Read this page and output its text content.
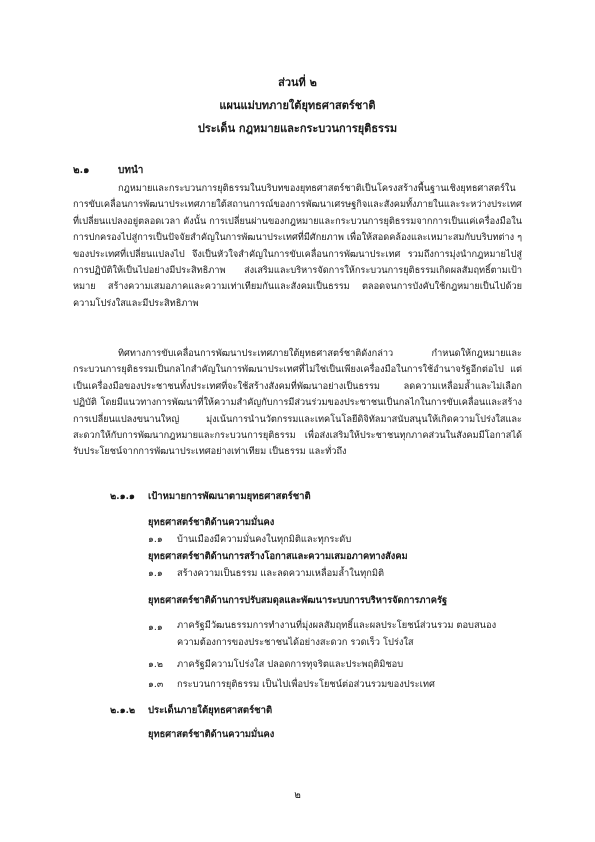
ส่วนที่ ๒
แผนแม่บทภายใต้ยุทธศาสตร์ชาติ
ประเด็น กฎหมายและกระบวนการยุติธรรม
๒.๑	บทนำ
กฎหมายและกระบวนการยุติธรรมในบริบทของยุทธศาสตร์ชาติเป็นโครงสร้างพื้นฐานเชิงยุทธศาสตร์ในการขับเคลื่อนการพัฒนาประเทศภายใต้สถานการณ์ของการพัฒนาเศรษฐกิจและสังคมทั้งภายในและระหว่างประเทศที่เปลี่ยนแปลงอยู่ตลอดเวลา ดังนั้น การเปลี่ยนผ่านของกฎหมายและกระบวนการยุติธรรมจากการเป็นแค่เครื่องมือในการปกครองไปสู่การเป็นปัจจัยสำคัญในการพัฒนาประเทศที่มีศักยภาพ เพื่อให้สอดคล้องและเหมาะสมกับบริบทต่าง ๆ ของประเทศที่เปลี่ยนแปลงไป จึงเป็นหัวใจสำคัญในการขับเคลื่อนการพัฒนาประเทศ รวมถึงการมุ่งนำกฎหมายไปสู่การปฏิบัติให้เป็นไปอย่างมีประสิทธิภาพ ส่งเสริมและบริหารจัดการให้กระบวนการยุติธรรมเกิดผลสัมฤทธิ์ตามเป้าหมาย สร้างความเสมอภาคและความเท่าเทียมกันและสังคมเป็นธรรม ตลอดจนการบังคับใช้กฎหมายเป็นไปด้วยความโปร่งใสและมีประสิทธิภาพ
ทิศทางการขับเคลื่อนการพัฒนาประเทศภายใต้ยุทธศาสตร์ชาติดังกล่าว กำหนดให้กฎหมายและกระบวนการยุติธรรมเป็นกลไกสำคัญในการพัฒนาประเทศที่ไม่ใช่เป็นเพียงเครื่องมือในการใช้อำนาจรัฐอีกต่อไป แต่เป็นเครื่องมือของประชาชนทั้งประเทศที่จะใช้สร้างสังคมที่พัฒนาอย่างเป็นธรรม ลดความเหลื่อมล้ำและไม่เลือกปฏิบัติ โดยมีแนวทางการพัฒนาที่ให้ความสำคัญกับการมีส่วนร่วมของประชาชนเป็นกลไกในการขับเคลื่อนและสร้างการเปลี่ยนแปลงขนานใหญ่ มุ่งเน้นการนำนวัตกรรมและเทคโนโลยีดิจิทัลมาสนับสนุนให้เกิดความโปร่งใสและสะดวกให้กับการพัฒนากฎหมายและกระบวนการยุติธรรม เพื่อส่งเสริมให้ประชาชนทุกภาคส่วนในสังคมมีโอกาสได้รับประโยชน์จากการพัฒนาประเทศอย่างเท่าเทียม เป็นธรรม และทั่วถึง
๒.๑.๑ เป้าหมายการพัฒนาตามยุทธศาสตร์ชาติ
ยุทธศาสตร์ชาติด้านความมั่นคง
๑.๑ บ้านเมืองมีความมั่นคงในทุกมิติและทุกระดับ
ยุทธศาสตร์ชาติด้านการสร้างโอกาสและความเสมอภาคทางสังคม
๑.๑ สร้างความเป็นธรรม และลดความเหลื่อมล้ำในทุกมิติ
ยุทธศาสตร์ชาติด้านการปรับสมดุลและพัฒนาระบบการบริหารจัดการภาครัฐ
๑.๑ ภาครัฐมีวัฒนธรรมการทำงานที่มุ่งผลสัมฤทธิ์และผลประโยชน์ส่วนรวม ตอบสนองความต้องการของประชาชนได้อย่างสะดวก รวดเร็ว โปร่งใส
๑.๒ ภาครัฐมีความโปร่งใส ปลอดการทุจริตและประพฤติมิชอบ
๑.๓ กระบวนการยุติธรรม เป็นไปเพื่อประโยชน์ต่อส่วนรวมของประเทศ
๒.๑.๒ ประเด็นภายใต้ยุทธศาสตร์ชาติ
ยุทธศาสตร์ชาติด้านความมั่นคง
๒
